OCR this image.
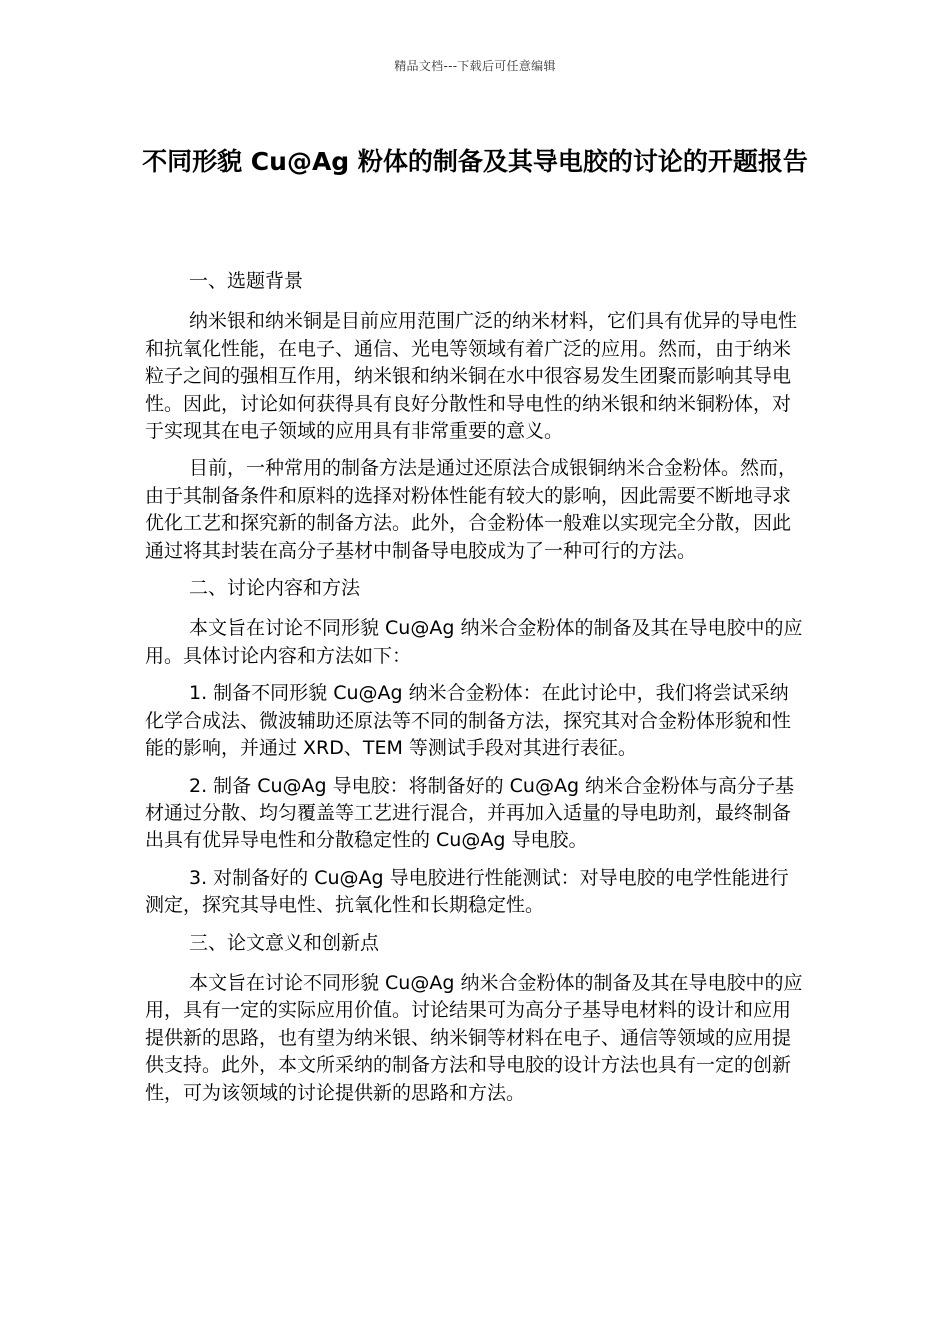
精品文档---下载后可任意编辑
不同形貌 Cu@Ag 粉体的制备及其导电胶的讨论的开题报告

一、选题背景

纳米银和纳米铜是目前应用范围广泛的纳米材料，它们具有优异的导电性和抗氧化性能，在电子、通信、光电等领域有着广泛的应用。然而，由于纳米粒子之间的强相互作用，纳米银和纳米铜在水中很容易发生团聚而影响其导电性。因此，讨论如何获得具有良好分散性和导电性的纳米银和纳米铜粉体，对于实现其在电子领域的应用具有非常重要的意义。

目前，一种常用的制备方法是通过还原法合成银铜纳米合金粉体。然而，由于其制备条件和原料的选择对粉体性能有较大的影响，因此需要不断地寻求优化工艺和探究新的制备方法。此外，合金粉体一般难以实现完全分散，因此通过将其封装在高分子基材中制备导电胶成为了一种可行的方法。

二、讨论内容和方法

本文旨在讨论不同形貌 Cu@Ag 纳米合金粉体的制备及其在导电胶中的应用。具体讨论内容和方法如下：

1. 制备不同形貌 Cu@Ag 纳米合金粉体：在此讨论中，我们将尝试采纳化学合成法、微波辅助还原法等不同的制备方法，探究其对合金粉体形貌和性能的影响，并通过 XRD、TEM 等测试手段对其进行表征。

2. 制备 Cu@Ag 导电胶：将制备好的 Cu@Ag 纳米合金粉体与高分子基材通过分散、均匀覆盖等工艺进行混合，并再加入适量的导电助剂，最终制备出具有优异导电性和分散稳定性的 Cu@Ag 导电胶。

3. 对制备好的 Cu@Ag 导电胶进行性能测试：对导电胶的电学性能进行测定，探究其导电性、抗氧化性和长期稳定性。

三、论文意义和创新点

本文旨在讨论不同形貌 Cu@Ag 纳米合金粉体的制备及其在导电胶中的应用，具有一定的实际应用价值。讨论结果可为高分子基导电材料的设计和应用提供新的思路，也有望为纳米银、纳米铜等材料在电子、通信等领域的应用提供支持。此外，本文所采纳的制备方法和导电胶的设计方法也具有一定的创新性，可为该领域的讨论提供新的思路和方法。
